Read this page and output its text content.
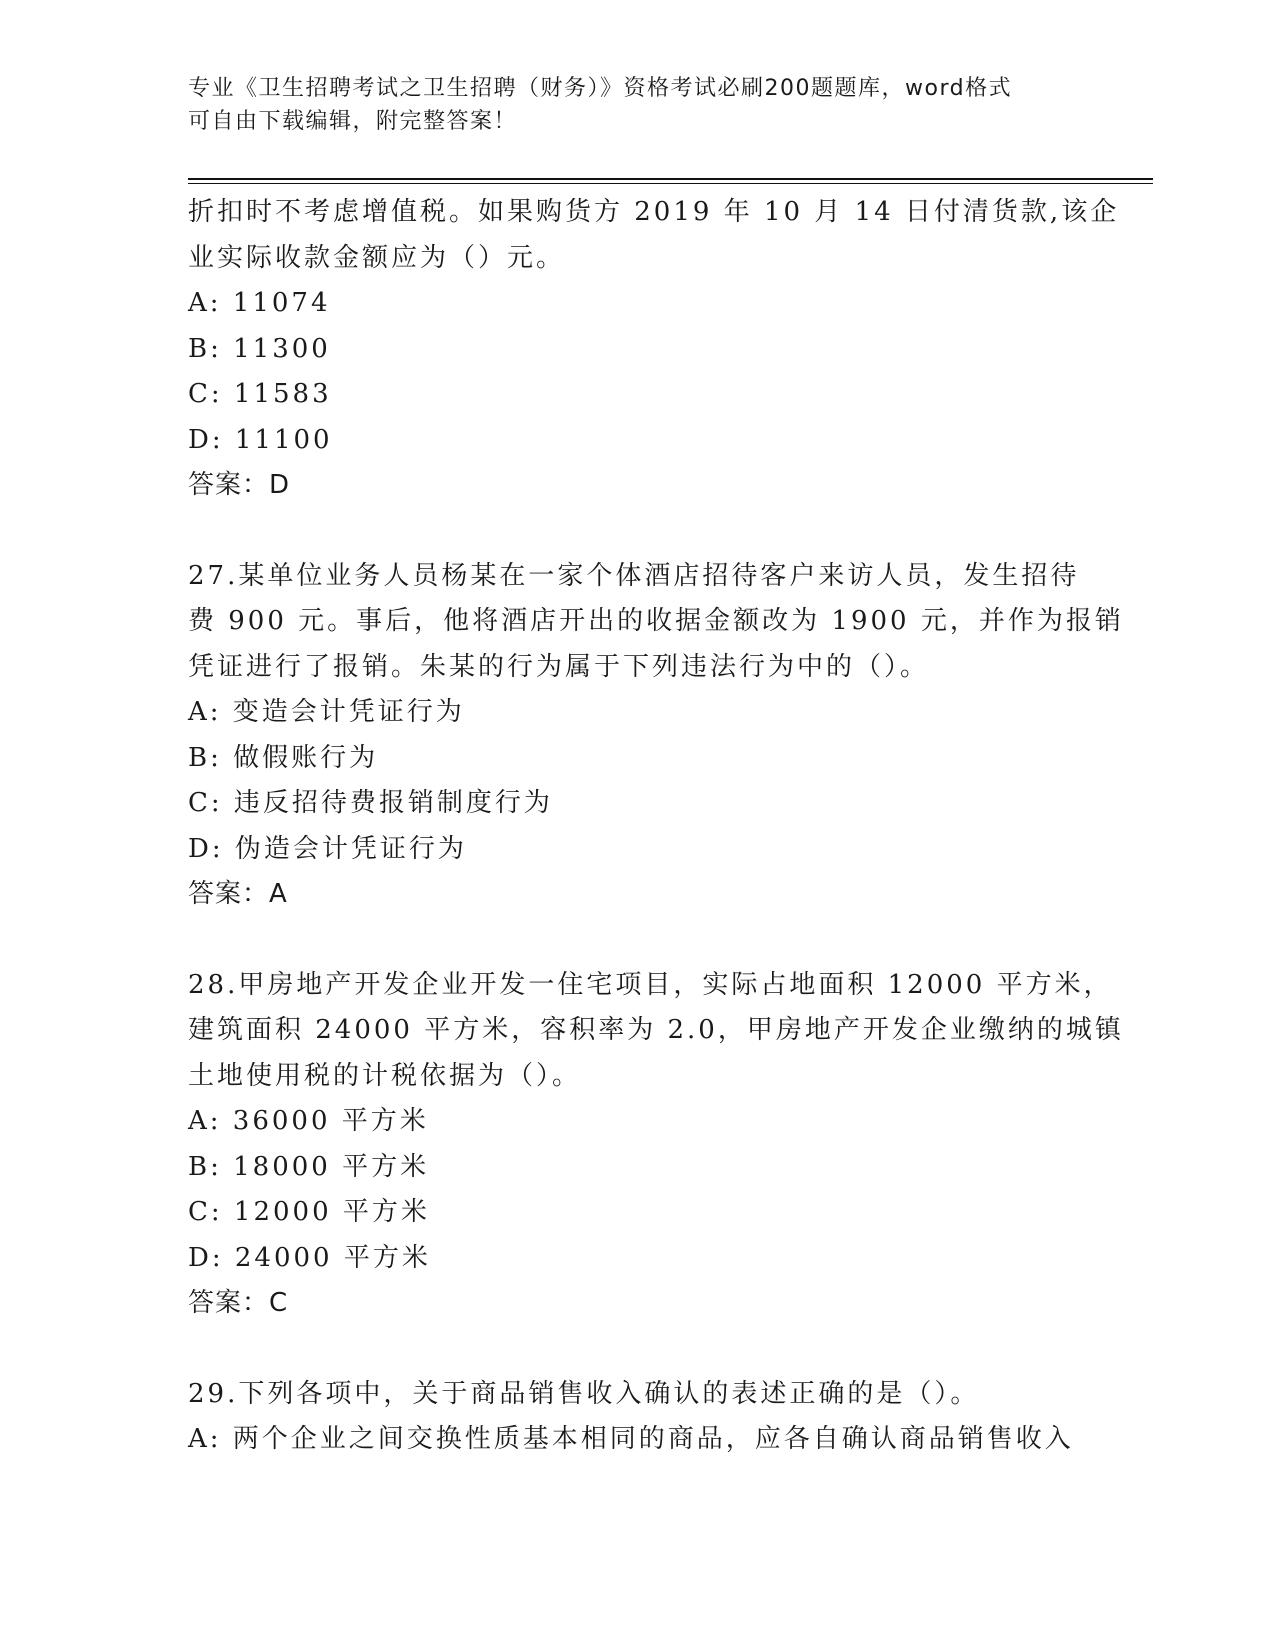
专业《卫生招聘考试之卫生招聘（财务）》资格考试必刷200题题库，word格式
可自由下载编辑，附完整答案！
折扣时不考虑增值税。如果购货方 2019 年 10 月 14 日付清货款,该企
业实际收款金额应为（）元。
A: 11074
B: 11300
C: 11583
D: 11100
答案：D
27.某单位业务人员杨某在一家个体酒店招待客户来访人员，发生招待
费 900 元。事后，他将酒店开出的收据金额改为 1900 元，并作为报销
凭证进行了报销。朱某的行为属于下列违法行为中的（）。
A: 变造会计凭证行为
B: 做假账行为
C: 违反招待费报销制度行为
D: 伪造会计凭证行为
答案：A
28.甲房地产开发企业开发一住宅项目，实际占地面积 12000 平方米，
建筑面积 24000 平方米，容积率为 2.0，甲房地产开发企业缴纳的城镇
土地使用税的计税依据为（）。
A: 36000 平方米
B: 18000 平方米
C: 12000 平方米
D: 24000 平方米
答案：C
29.下列各项中，关于商品销售收入确认的表述正确的是（）。
A: 两个企业之间交换性质基本相同的商品，应各自确认商品销售收入
